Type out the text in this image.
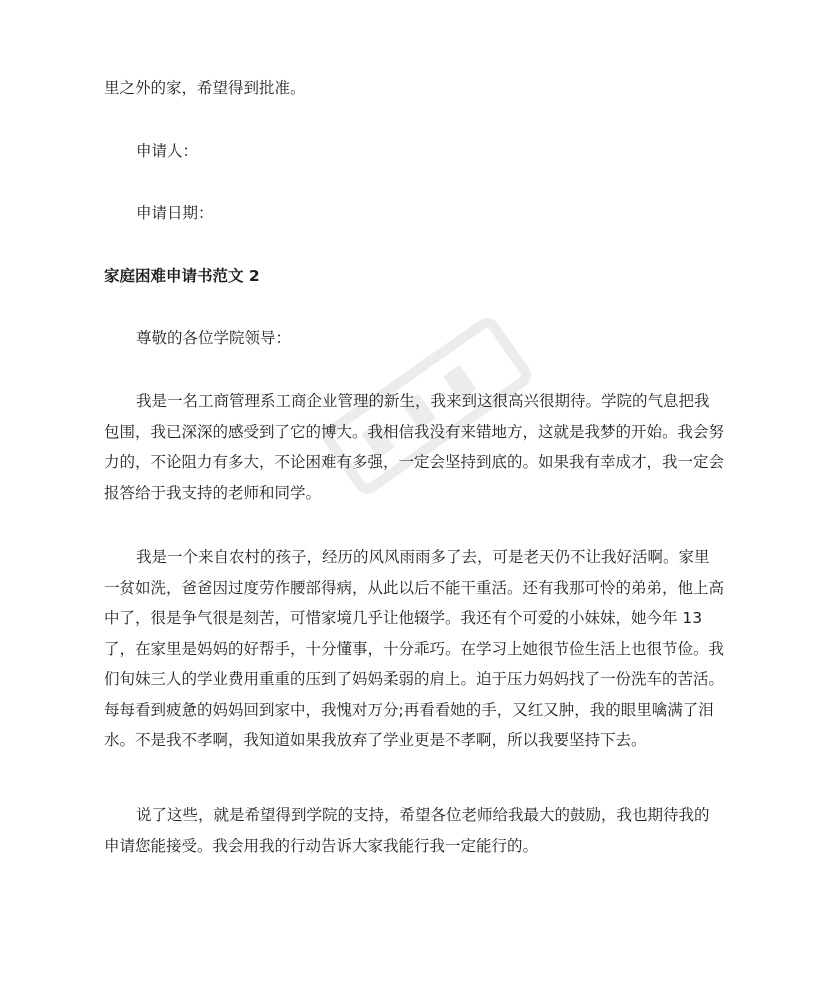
里之外的家，希望得到批准。
申请人：
申请日期：
家庭困难申请书范文 2
尊敬的各位学院领导：
我是一名工商管理系工商企业管理的新生，我来到这很高兴很期待。学院的气息把我包围，我已深深的感受到了它的博大。我相信我没有来错地方，这就是我梦的开始。我会努力的，不论阻力有多大，不论困难有多强，一定会坚持到底的。如果我有幸成才，我一定会报答给于我支持的老师和同学。
我是一个来自农村的孩子，经历的风风雨雨多了去，可是老天仍不让我好活啊。家里一贫如洗，爸爸因过度劳作腰部得病，从此以后不能干重活。还有我那可怜的弟弟，他上高中了，很是争气很是刻苦，可惜家境几乎让他辍学。我还有个可爱的小妹妹，她今年 13 了，在家里是妈妈的好帮手，十分懂事，十分乖巧。在学习上她很节俭生活上也很节俭。我们旬妹三人的学业费用重重的压到了妈妈柔弱的肩上。迫于压力妈妈找了一份洗车的苦活。每每看到疲惫的妈妈回到家中，我愧对万分;再看看她的手，又红又肿，我的眼里噙满了泪水。不是我不孝啊，我知道如果我放弃了学业更是不孝啊，所以我要坚持下去。
说了这些，就是希望得到学院的支持，希望各位老师给我最大的鼓励，我也期待我的申请您能接受。我会用我的行动告诉大家我能行我一定能行的。
